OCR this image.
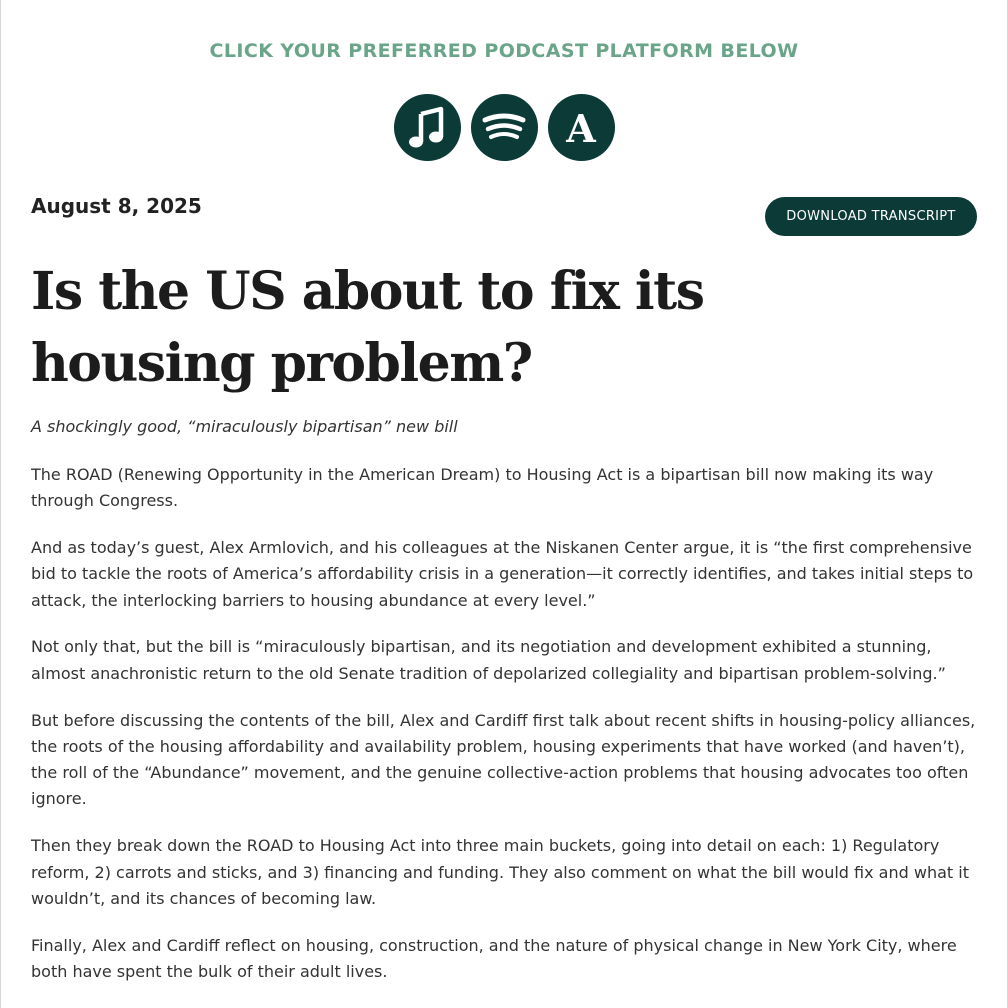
CLICK YOUR PREFERRED PODCAST PLATFORM BELOW
A
August 8, 2025	DOWNLOAD TRANSCRIPT
Is the US about to fix its housing problem?
A shockingly good, “miraculously bipartisan” new bill

The ROAD (Renewing Opportunity in the American Dream) to Housing Act is a bipartisan bill now making its way through Congress.

And as today’s guest, Alex Armlovich, and his colleagues at the Niskanen Center argue, it is “the first comprehensive bid to tackle the roots of America’s affordability crisis in a generation—it correctly identifies, and takes initial steps to attack, the interlocking barriers to housing abundance at every level.”

Not only that, but the bill is “miraculously bipartisan, and its negotiation and development exhibited a stunning, almost anachronistic return to the old Senate tradition of depolarized collegiality and bipartisan problem-solving.”

But before discussing the contents of the bill, Alex and Cardiff first talk about recent shifts in housing-policy alliances, the roots of the housing affordability and availability problem, housing experiments that have worked (and haven’t), the roll of the “Abundance” movement, and the genuine collective-action problems that housing advocates too often ignore.

Then they break down the ROAD to Housing Act into three main buckets, going into detail on each: 1) Regulatory reform, 2) carrots and sticks, and 3) financing and funding. They also comment on what the bill would fix and what it wouldn’t, and its chances of becoming law.

Finally, Alex and Cardiff reflect on housing, construction, and the nature of physical change in New York City, where both have spent the bulk of their adult lives.
